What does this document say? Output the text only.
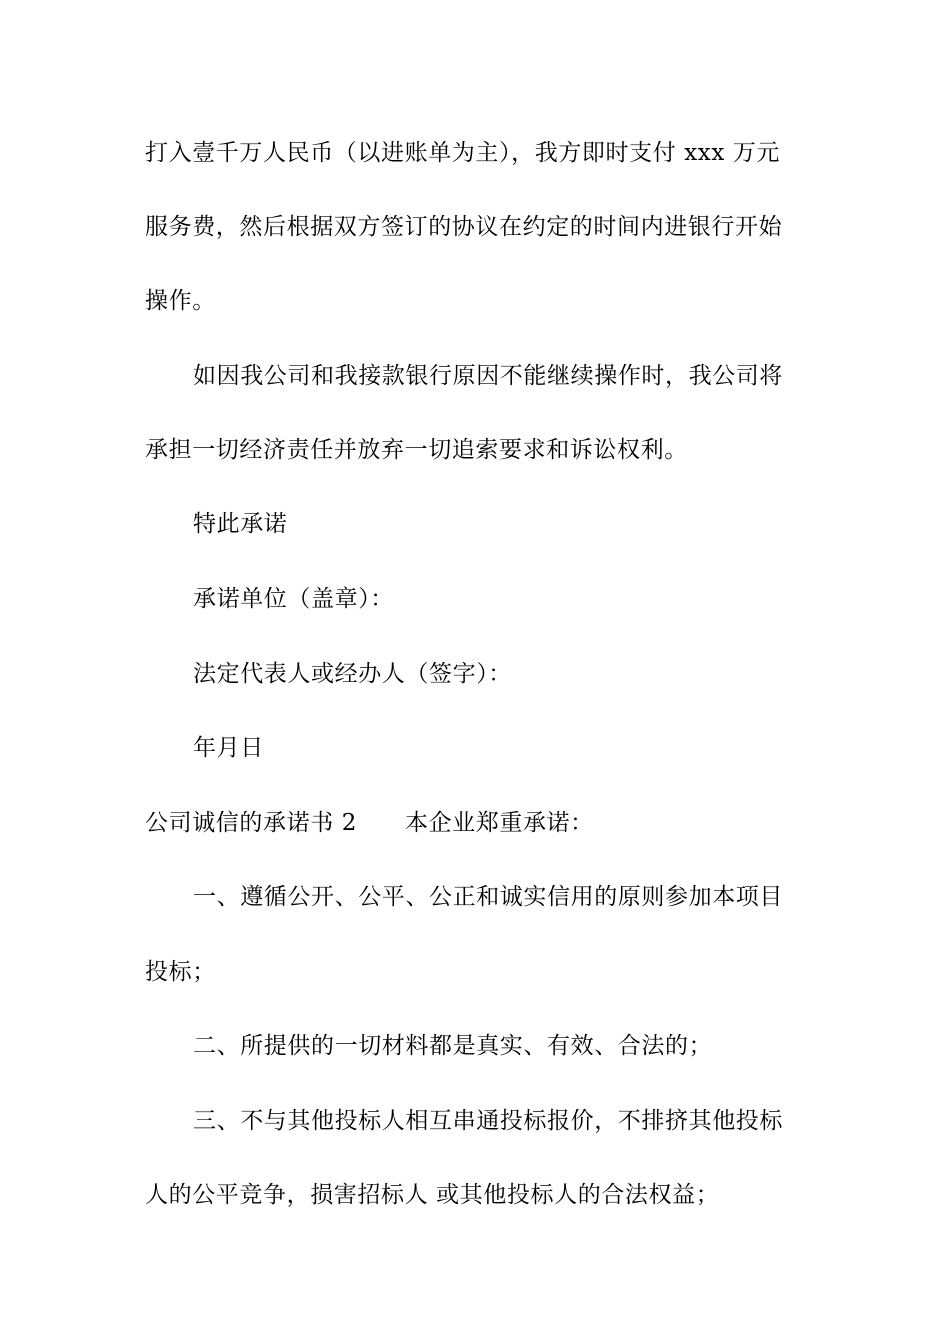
打入壹千万人民币（以进账单为主），我方即时支付 xxx 万元
服务费，然后根据双方签订的协议在约定的时间内进银行开始
操作。
如因我公司和我接款银行原因不能继续操作时，我公司将
承担一切经济责任并放弃一切追索要求和诉讼权利。
特此承诺
承诺单位（盖章）：
法定代表人或经办人（签字）：
年月日
公司诚信的承诺书 2 本企业郑重承诺：
一、遵循公开、公平、公正和诚实信用的原则参加本项目
投标；
二、所提供的一切材料都是真实、有效、合法的；
三、不与其他投标人相互串通投标报价，不排挤其他投标
人的公平竞争，损害招标人 或其他投标人的合法权益；
